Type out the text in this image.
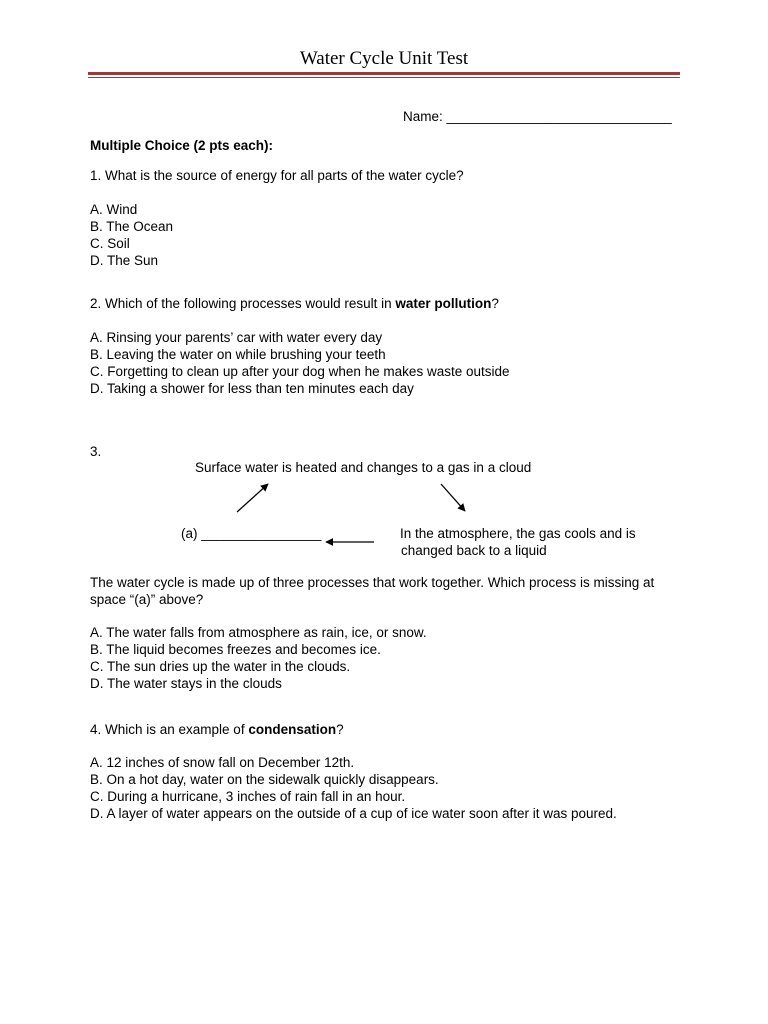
Water Cycle Unit Test
Name: ______________________________
Multiple Choice (2 pts each):
1. What is the source of energy for all parts of the water cycle?
A. Wind
B. The Ocean
C. Soil
D. The Sun
2. Which of the following processes would result in water pollution?
A. Rinsing your parents’ car with water every day
B. Leaving the water on while brushing your teeth
C. Forgetting to clean up after your dog when he makes waste outside
D. Taking a shower for less than ten minutes each day
3.
Surface water is heated and changes to a gas in a cloud
(a) ________________	In the atmosphere, the gas cools and is
changed back to a liquid
The water cycle is made up of three processes that work together. Which process is missing at
space “(a)” above?
A. The water falls from atmosphere as rain, ice, or snow.
B. The liquid becomes freezes and becomes ice.
C. The sun dries up the water in the clouds.
D. The water stays in the clouds
4. Which is an example of condensation?
A. 12 inches of snow fall on December 12th.
B. On a hot day, water on the sidewalk quickly disappears.
C. During a hurricane, 3 inches of rain fall in an hour.
D. A layer of water appears on the outside of a cup of ice water soon after it was poured.
